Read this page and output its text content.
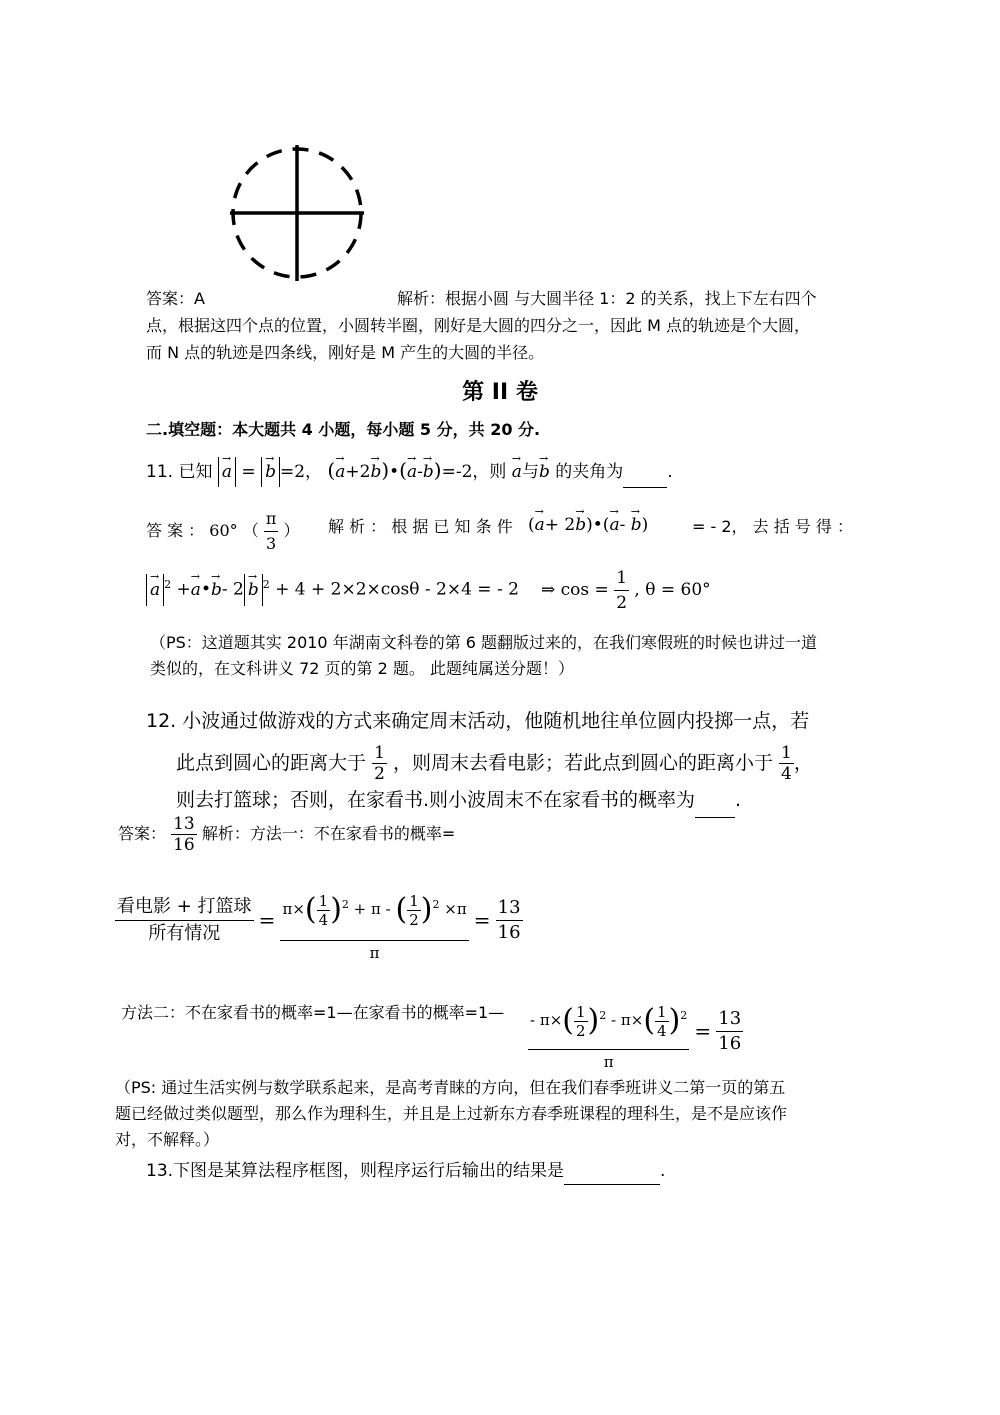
答案：A	解析：根据小圆 与大圆半径 1：2 的关系，找上下左右四个
点，根据这四个点的位置，小圆转半圈，刚好是大圆的四分之一，因此 M 点的轨迹是个大圆，
而 N 点的轨迹是四条线，刚好是 M 产生的大圆的半径。
第 II 卷
二.填空题：本大题共 4 小题，每小题 5 分，共 20 分.
11. 已知 → a = → b =2， (→ a+2→ b)•(→ a-→ b)=-2，则 → a与→ b 的夹角为	.
答 案 ： 60° （ $\frac{\pi}{3}$ ） 解 析 ： 根 据 已 知 条 件 (→ a+ 2→ b)•(→ a- → b)	= - 2， 去 括 号 得 ：
→ a $^2$ +→ a•→ b- 2 → b $^2$ + 4 + 2×2×cosθ - 2×4 = - 2 ⇒ $\cos = \frac{1}{2}$ , θ = 60°
（PS：这道题其实 2010 年湖南文科卷的第 6 题翻版过来的，在我们寒假班的时候也讲过一道
类似的，在文科讲义 72 页的第 2 题。 此题纯属送分题！）
12. 小波通过做游戏的方式来确定周末活动，他随机地往单位圆内投掷一点，若
此点到圆心的距离大于 $\frac{1}{2}$ ，则周末去看电影；若此点到圆心的距离小于 $\frac{1}{4}$ ，
则去打篮球；否则，在家看书.则小波周末不在家看书的概率为 .
答案： $\frac{13}{16}$ 解析：方法一：不在家看书的概率=
$\frac{\text{看电影 + 打篮球}}{\text{所有情况}} = \frac{\pi\times( \frac{1}{4} )^2 + \pi - ( \frac{1}{2} )^2 \times\pi}{\pi} = \frac{13}{16}$
方法二：不在家看书的概率=1—在家看书的概率=1— $\frac{- \pi\times( \frac{1}{2} )^2 - \pi\times( \frac{1}{4} )^2}{\pi} = \frac{13}{16}$
（PS: 通过生活实例与数学联系起来，是高考青睐的方向，但在我们春季班讲义二第一页的第五
题已经做过类似题型，那么作为理科生，并且是上过新东方春季班课程的理科生，是不是应该作
对，不解释。）
13.下图是某算法程序框图，则程序运行后输出的结果是	.
